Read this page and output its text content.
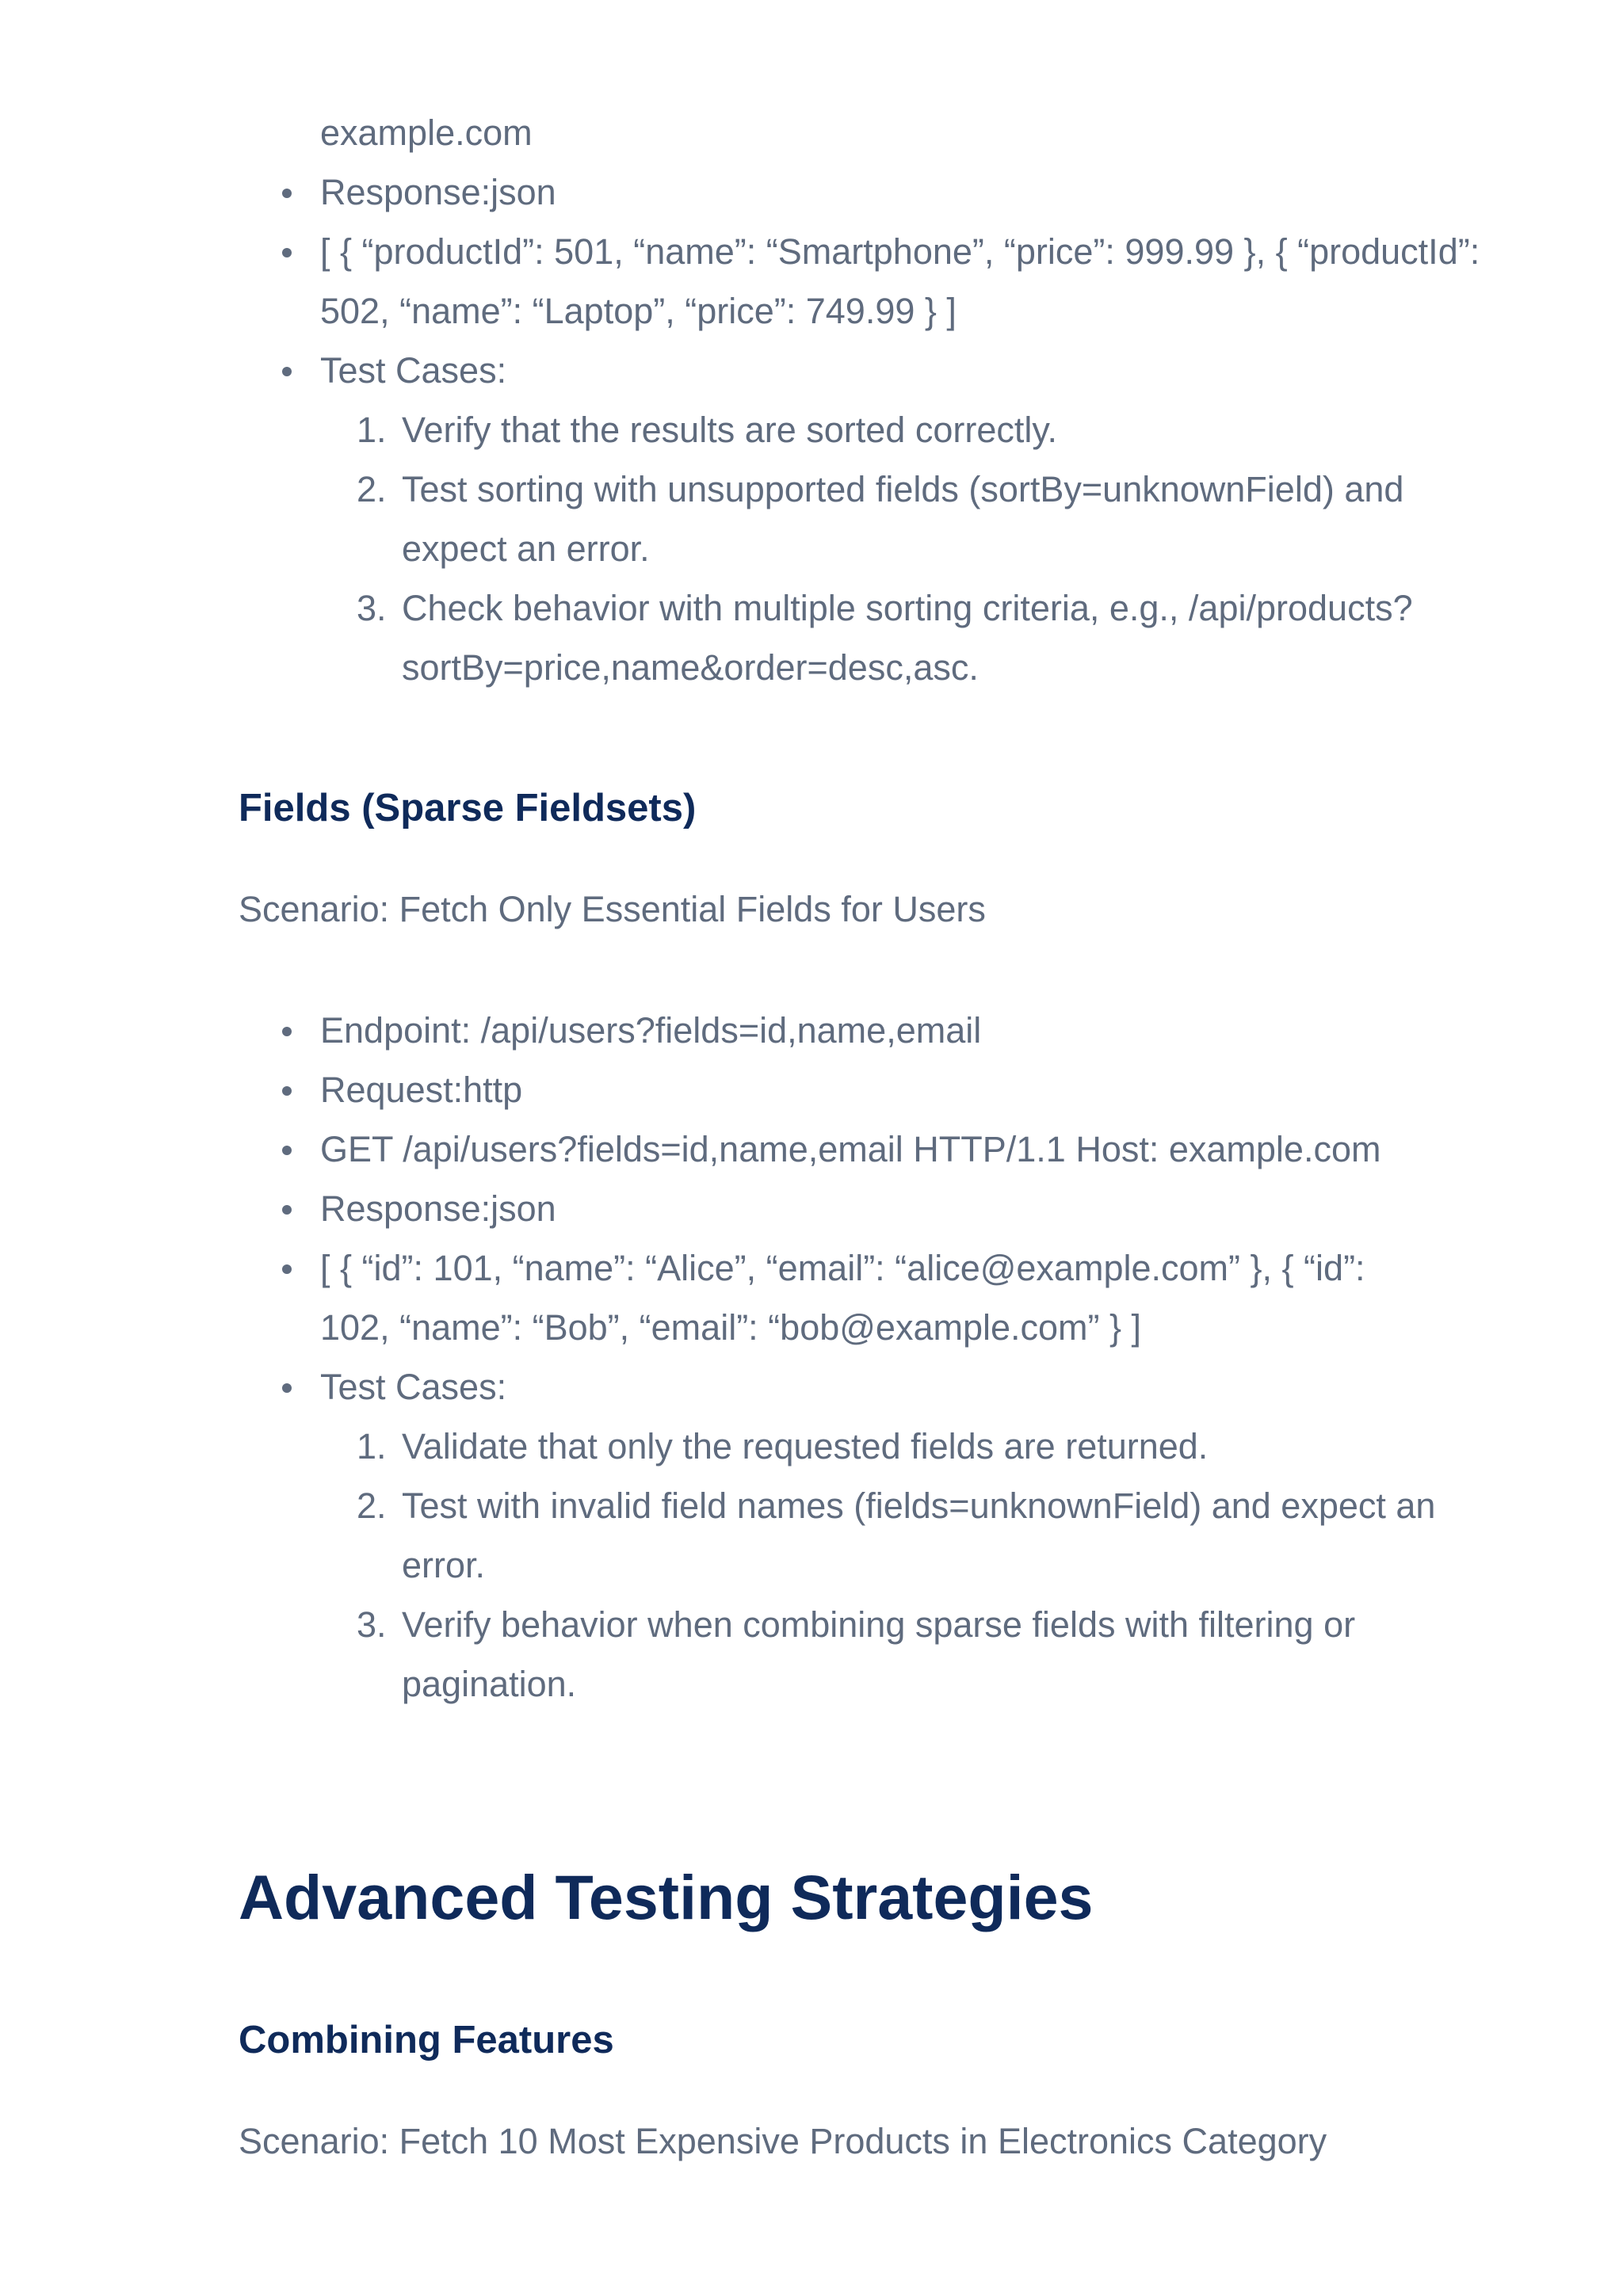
example.com
Response:json
[ { “productId”: 501, “name”: “Smartphone”, “price”: 999.99 }, { “productId”: 502, “name”: “Laptop”, “price”: 749.99 } ]
Test Cases:
1. Verify that the results are sorted correctly.
2. Test sorting with unsupported fields (sortBy=unknownField) and expect an error.
3. Check behavior with multiple sorting criteria, e.g., /api/products?sortBy=price,name&order=desc,asc.
Fields (Sparse Fieldsets)

Scenario: Fetch Only Essential Fields for Users

Endpoint: /api/users?fields=id,name,email
Request:http
GET /api/users?fields=id,name,email HTTP/1.1 Host: example.com
Response:json
[ { “id”: 101, “name”: “Alice”, “email”: “alice@example.com” }, { “id”: 102, “name”: “Bob”, “email”: “bob@example.com” } ]
Test Cases:
1. Validate that only the requested fields are returned.
2. Test with invalid field names (fields=unknownField) and expect an error.
3. Verify behavior when combining sparse fields with filtering or pagination.
Advanced Testing Strategies
Combining Features

Scenario: Fetch 10 Most Expensive Products in Electronics Category
